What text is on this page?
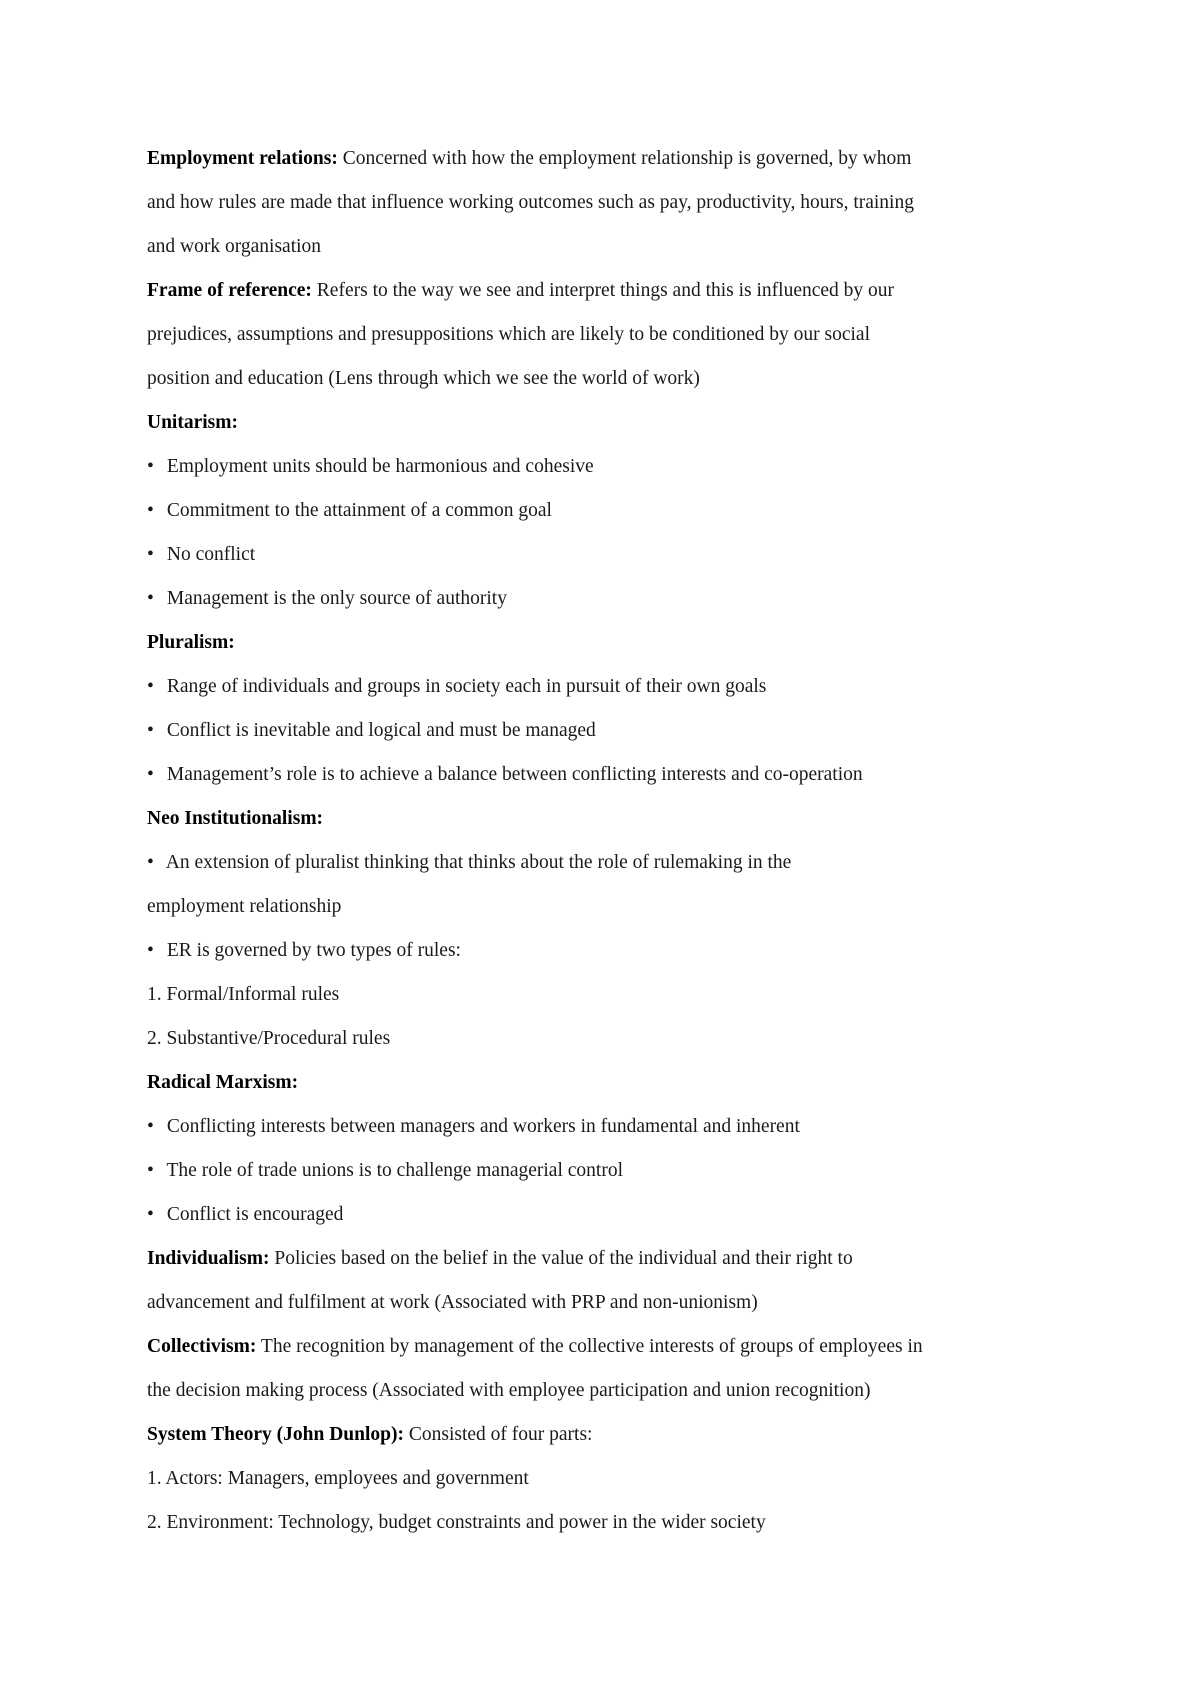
Employment relations: Concerned with how the employment relationship is governed, by whom
and how rules are made that influence working outcomes such as pay, productivity, hours, training
and work organisation
Frame of reference: Refers to the way we see and interpret things and this is influenced by our
prejudices, assumptions and presuppositions which are likely to be conditioned by our social
position and education (Lens through which we see the world of work)
Unitarism:
• Employment units should be harmonious and cohesive
• Commitment to the attainment of a common goal
• No conflict
• Management is the only source of authority
Pluralism:
• Range of individuals and groups in society each in pursuit of their own goals
• Conflict is inevitable and logical and must be managed
• Management’s role is to achieve a balance between conflicting interests and co-operation
Neo Institutionalism:
• An extension of pluralist thinking that thinks about the role of rulemaking in the
employment relationship
• ER is governed by two types of rules:
1. Formal/Informal rules
2. Substantive/Procedural rules
Radical Marxism:
• Conflicting interests between managers and workers in fundamental and inherent
• The role of trade unions is to challenge managerial control
• Conflict is encouraged
Individualism: Policies based on the belief in the value of the individual and their right to
advancement and fulfilment at work (Associated with PRP and non-unionism)
Collectivism: The recognition by management of the collective interests of groups of employees in
the decision making process (Associated with employee participation and union recognition)
System Theory (John Dunlop): Consisted of four parts:
1. Actors: Managers, employees and government
2. Environment: Technology, budget constraints and power in the wider society
